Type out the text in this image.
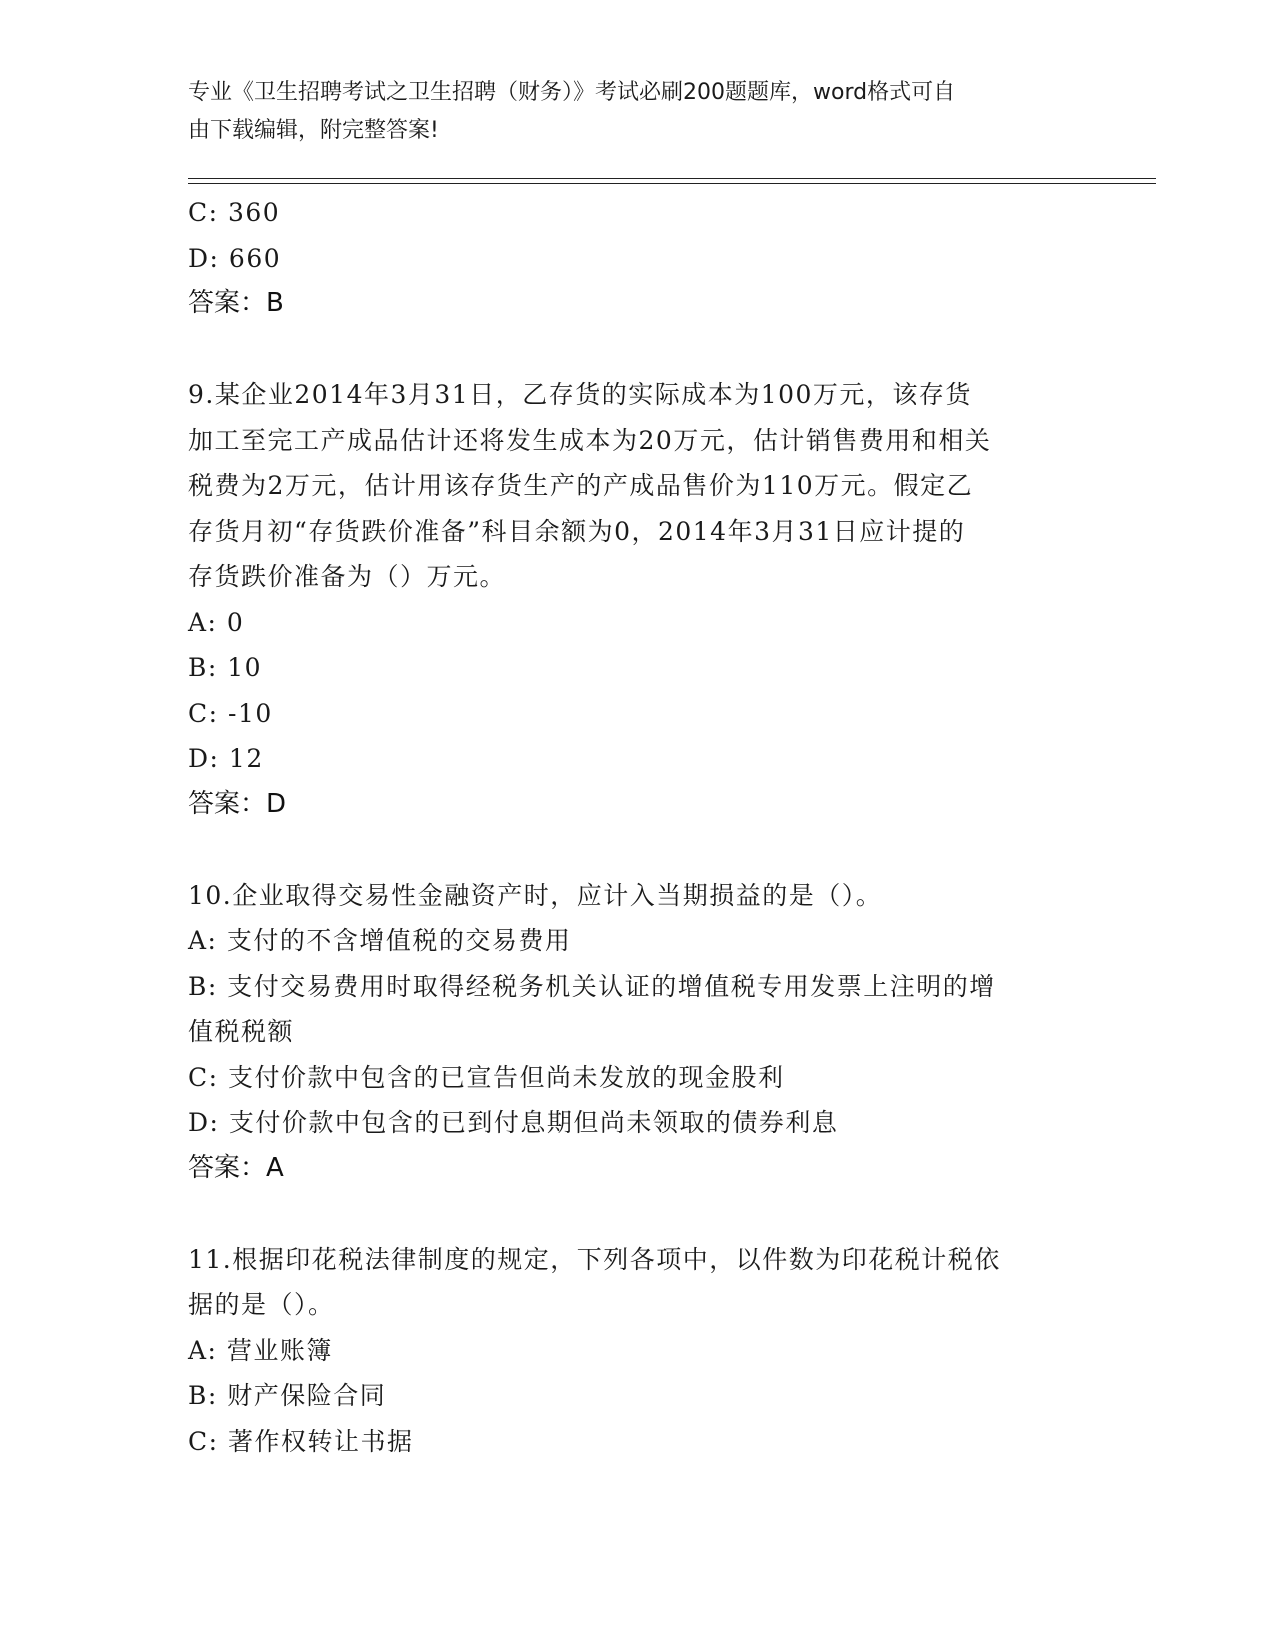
专业《卫生招聘考试之卫生招聘（财务）》考试必刷200题题库，word格式可自
由下载编辑，附完整答案!
C: 360
D: 660
答案：B
9.某企业2014年3月31日，乙存货的实际成本为100万元，该存货
加工至完工产成品估计还将发生成本为20万元，估计销售费用和相关
税费为2万元，估计用该存货生产的产成品售价为110万元。假定乙
存货月初“存货跌价准备”科目余额为0，2014年3月31日应计提的
存货跌价准备为（）万元。
A: 0
B: 10
C: -10
D: 12
答案：D
10.企业取得交易性金融资产时，应计入当期损益的是（）。
A: 支付的不含增值税的交易费用
B: 支付交易费用时取得经税务机关认证的增值税专用发票上注明的增
值税税额
C: 支付价款中包含的已宣告但尚未发放的现金股利
D: 支付价款中包含的已到付息期但尚未领取的债券利息
答案：A
11.根据印花税法律制度的规定，下列各项中，以件数为印花税计税依
据的是（）。
A: 营业账簿
B: 财产保险合同
C: 著作权转让书据
